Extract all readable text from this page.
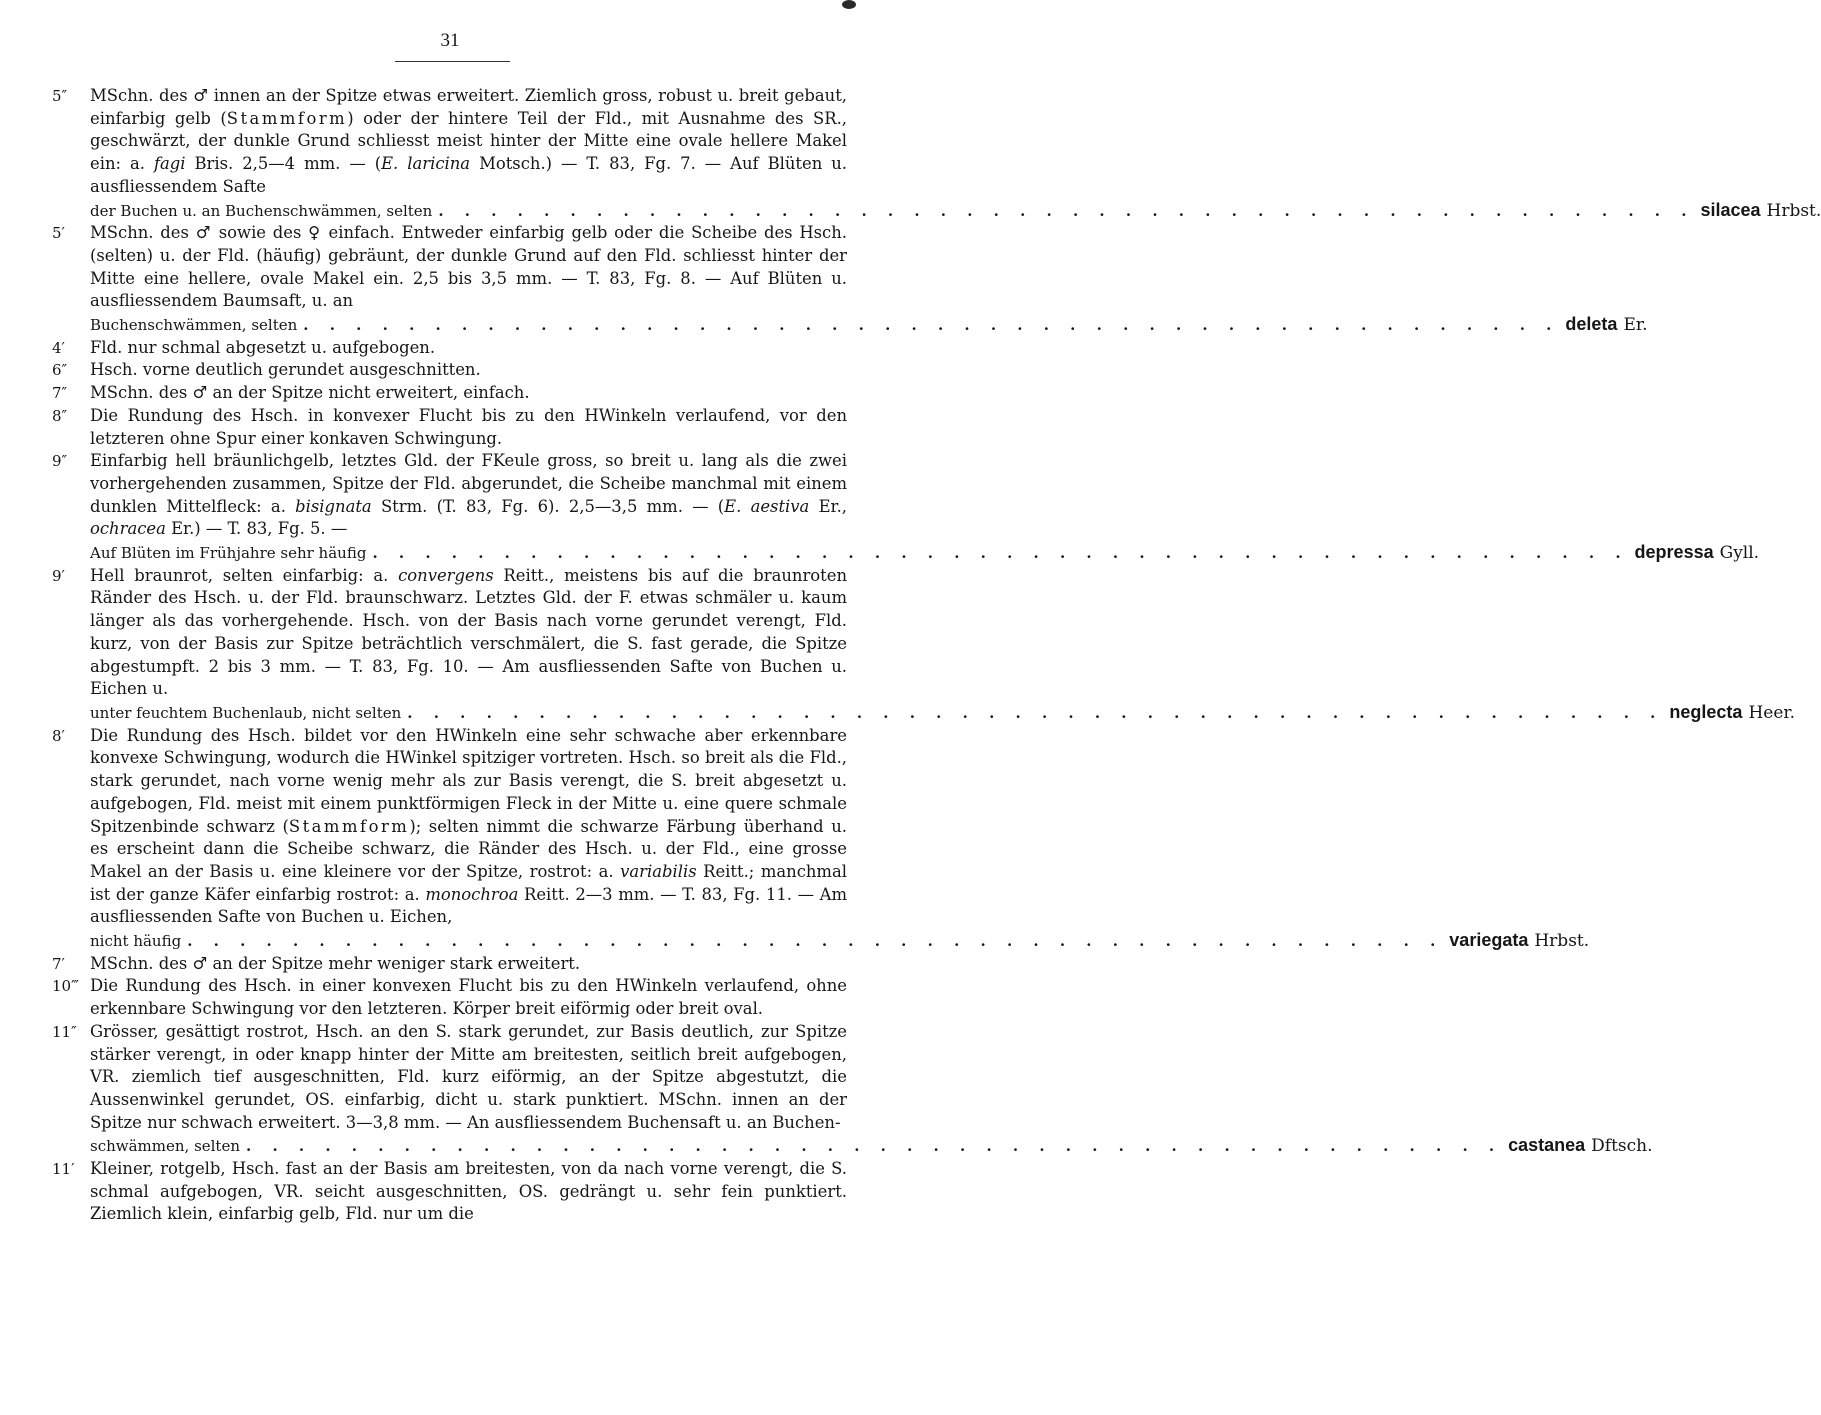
31

5″ MSchn. des ♂ innen an der Spitze etwas erweitert. Ziemlich gross, robust u. breit gebaut, einfarbig gelb (Stammform) oder der hintere Teil der Fld., mit Ausnahme des SR., geschwärzt, der dunkle Grund schliesst meist hinter der Mitte eine ovale hellere Makel ein: a. fagi Bris. 2,5—4 mm. — (E. laricina Motsch.) — T. 83, Fg. 7. — Auf Blüten u. ausfliessendem Safte
der Buchen u. an Buchenschwämmen, selten . . . . . . . . . . . . . . . . . . . . . . . . . . . . . . . . . . . . . . . . . . . . . . . . silacea Hrbst.

5′ MSchn. des ♂ sowie des ♀ einfach. Entweder einfarbig gelb oder die Scheibe des Hsch. (selten) u. der Fld. (häufig) gebräunt, der dunkle Grund auf den Fld. schliesst hinter der Mitte eine hellere, ovale Makel ein. 2,5 bis 3,5 mm. — T. 83, Fg. 8. — Auf Blüten u. ausfliessendem Baumsaft, u. an
Buchenschwämmen, selten . . . . . . . . . . . . . . . . . . . . . . . . . . . . . . . . . . . . . . . . . . . . . . . . deleta Er.

4′ Fld. nur schmal abgesetzt u. aufgebogen.

6″ Hsch. vorne deutlich gerundet ausgeschnitten.

7″ MSchn. des ♂ an der Spitze nicht erweitert, einfach.

8″ Die Rundung des Hsch. in konvexer Flucht bis zu den HWinkeln verlaufend, vor den letzteren ohne Spur einer konkaven Schwingung.

9″ Einfarbig hell bräunlichgelb, letztes Gld. der FKeule gross, so breit u. lang als die zwei vorhergehenden zusammen, Spitze der Fld. abgerundet, die Scheibe manchmal mit einem dunklen Mittelfleck: a. bisignata Strm. (T. 83, Fg. 6). 2,5—3,5 mm. — (E. aestiva Er., ochracea Er.) — T. 83, Fg. 5. —
Auf Blüten im Frühjahre sehr häufig . . . . . . . . . . . . . . . . . . . . . . . . . . . . . . . . . . . . . . . . . . . . . . . . depressa Gyll.

9′ Hell braunrot, selten einfarbig: a. convergens Reitt., meistens bis auf die braunroten Ränder des Hsch. u. der Fld. braunschwarz. Letztes Gld. der F. etwas schmäler u. kaum länger als das vorhergehende. Hsch. von der Basis nach vorne gerundet verengt, Fld. kurz, von der Basis zur Spitze beträchtlich verschmälert, die S. fast gerade, die Spitze abgestumpft. 2 bis 3 mm. — T. 83, Fg. 10. — Am ausfliessenden Safte von Buchen u. Eichen u.
unter feuchtem Buchenlaub, nicht selten . . . . . . . . . . . . . . . . . . . . . . . . . . . . . . . . . . . . . . . . . . . . . . . . neglecta Heer.

8′ Die Rundung des Hsch. bildet vor den HWinkeln eine sehr schwache aber erkennbare konvexe Schwingung, wodurch die HWinkel spitziger vortreten. Hsch. so breit als die Fld., stark gerundet, nach vorne wenig mehr als zur Basis verengt, die S. breit abgesetzt u. aufgebogen, Fld. meist mit einem punktförmigen Fleck in der Mitte u. eine quere schmale Spitzenbinde schwarz (Stammform); selten nimmt die schwarze Färbung überhand u. es erscheint dann die Scheibe schwarz, die Ränder des Hsch. u. der Fld., eine grosse Makel an der Basis u. eine kleinere vor der Spitze, rostrot: a. variabilis Reitt.; manchmal ist der ganze Käfer einfarbig rostrot: a. monochroa Reitt. 2—3 mm. — T. 83, Fg. 11. — Am ausfliessenden Safte von Buchen u. Eichen,
nicht häufig . . . . . . . . . . . . . . . . . . . . . . . . . . . . . . . . . . . . . . . . . . . . . . . . variegata Hrbst.

7′ MSchn. des ♂ an der Spitze mehr weniger stark erweitert.

10‴ Die Rundung des Hsch. in einer konvexen Flucht bis zu den HWinkeln verlaufend, ohne erkennbare Schwingung vor den letzteren. Körper breit eiförmig oder breit oval.

11″ Grösser, gesättigt rostrot, Hsch. an den S. stark gerundet, zur Basis deutlich, zur Spitze stärker verengt, in oder knapp hinter der Mitte am breitesten, seitlich breit aufgebogen, VR. ziemlich tief ausgeschnitten, Fld. kurz eiförmig, an der Spitze abgestutzt, die Aussenwinkel gerundet, OS. einfarbig, dicht u. stark punktiert. MSchn. innen an der Spitze nur schwach erweitert. 3—3,8 mm. — An ausfliessendem Buchensaft u. an Buchen-
schwämmen, selten . . . . . . . . . . . . . . . . . . . . . . . . . . . . . . . . . . . . . . . . . . . . . . . . castanea Dftsch.

11′ Kleiner, rotgelb, Hsch. fast an der Basis am breitesten, von da nach vorne verengt, die S. schmal aufgebogen, VR. seicht ausgeschnitten, OS. gedrängt u. sehr fein punktiert. Ziemlich klein, einfarbig gelb, Fld. nur um die
